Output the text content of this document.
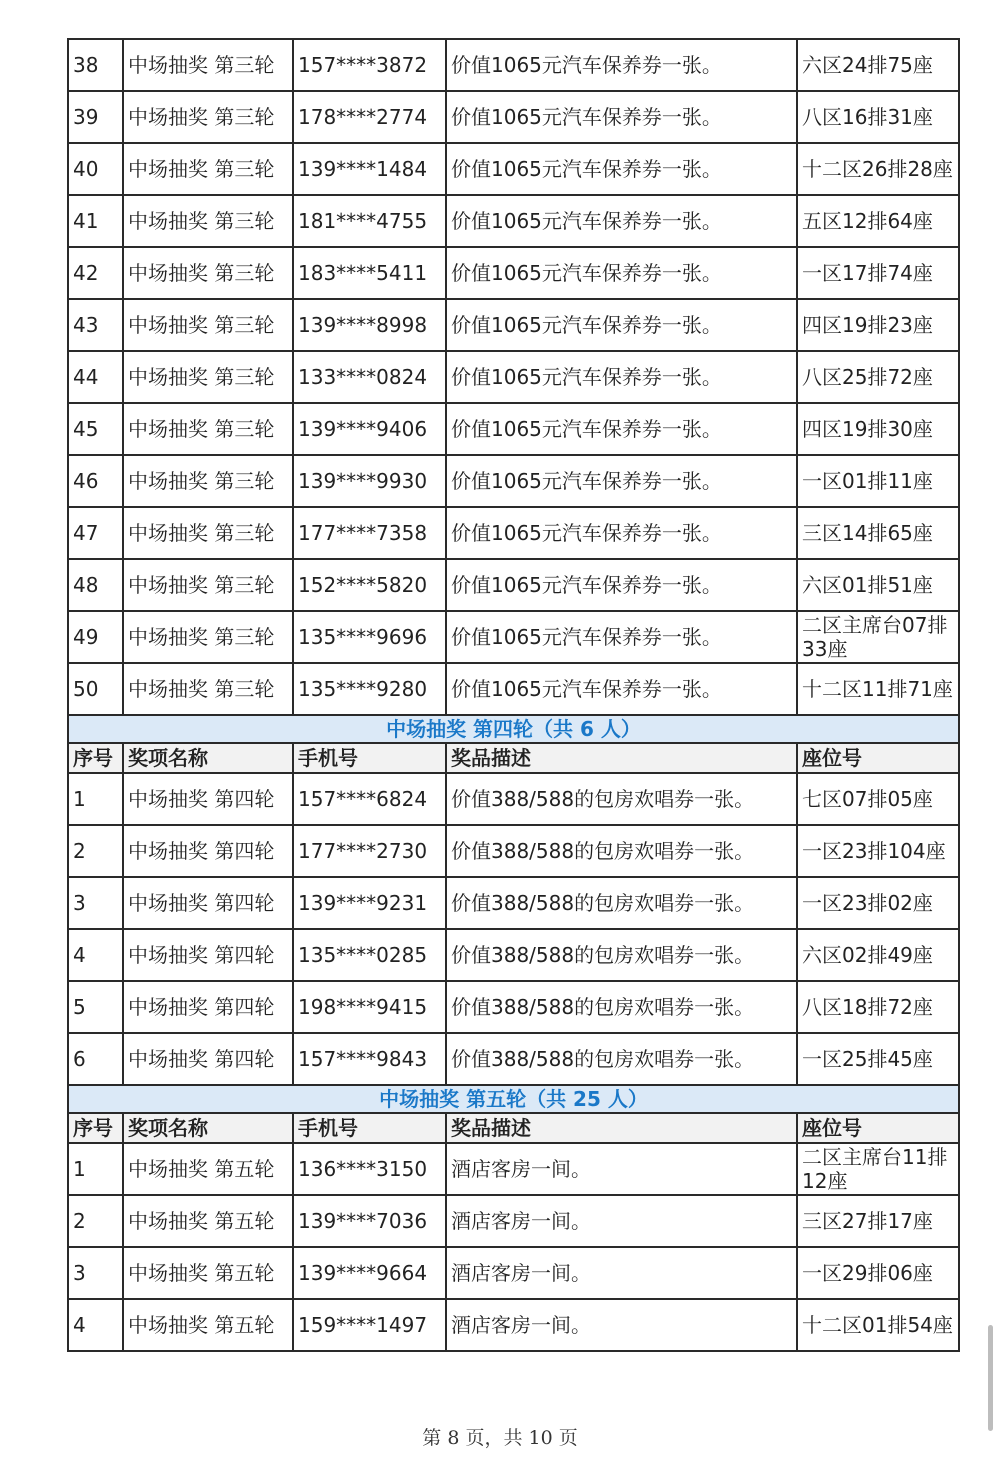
38	中场抽奖 第三轮	157****3872	价值1065元汽车保养券一张。	六区24排75座
39	中场抽奖 第三轮	178****2774	价值1065元汽车保养券一张。	八区16排31座
40	中场抽奖 第三轮	139****1484	价值1065元汽车保养券一张。	十二区26排28座
41	中场抽奖 第三轮	181****4755	价值1065元汽车保养券一张。	五区12排64座
42	中场抽奖 第三轮	183****5411	价值1065元汽车保养券一张。	一区17排74座
43	中场抽奖 第三轮	139****8998	价值1065元汽车保养券一张。	四区19排23座
44	中场抽奖 第三轮	133****0824	价值1065元汽车保养券一张。	八区25排72座
45	中场抽奖 第三轮	139****9406	价值1065元汽车保养券一张。	四区19排30座
46	中场抽奖 第三轮	139****9930	价值1065元汽车保养券一张。	一区01排11座
47	中场抽奖 第三轮	177****7358	价值1065元汽车保养券一张。	三区14排65座
48	中场抽奖 第三轮	152****5820	价值1065元汽车保养券一张。	六区01排51座
49	中场抽奖 第三轮	135****9696	价值1065元汽车保养券一张。	二区主席台07排33座
50	中场抽奖 第三轮	135****9280	价值1065元汽车保养券一张。	十二区11排71座
中场抽奖 第四轮（共 6 人）				
序号	奖项名称	手机号	奖品描述	座位号
1	中场抽奖 第四轮	157****6824	价值388/588的包房欢唱券一张。	七区07排05座
2	中场抽奖 第四轮	177****2730	价值388/588的包房欢唱券一张。	一区23排104座
3	中场抽奖 第四轮	139****9231	价值388/588的包房欢唱券一张。	一区23排02座
4	中场抽奖 第四轮	135****0285	价值388/588的包房欢唱券一张。	六区02排49座
5	中场抽奖 第四轮	198****9415	价值388/588的包房欢唱券一张。	八区18排72座
6	中场抽奖 第四轮	157****9843	价值388/588的包房欢唱券一张。	一区25排45座
中场抽奖 第五轮（共 25 人）				
序号	奖项名称	手机号	奖品描述	座位号
1	中场抽奖 第五轮	136****3150	酒店客房一间。	二区主席台11排12座
2	中场抽奖 第五轮	139****7036	酒店客房一间。	三区27排17座
3	中场抽奖 第五轮	139****9664	酒店客房一间。	一区29排06座
4	中场抽奖 第五轮	159****1497	酒店客房一间。	十二区01排54座
第 8 页，共 10 页
